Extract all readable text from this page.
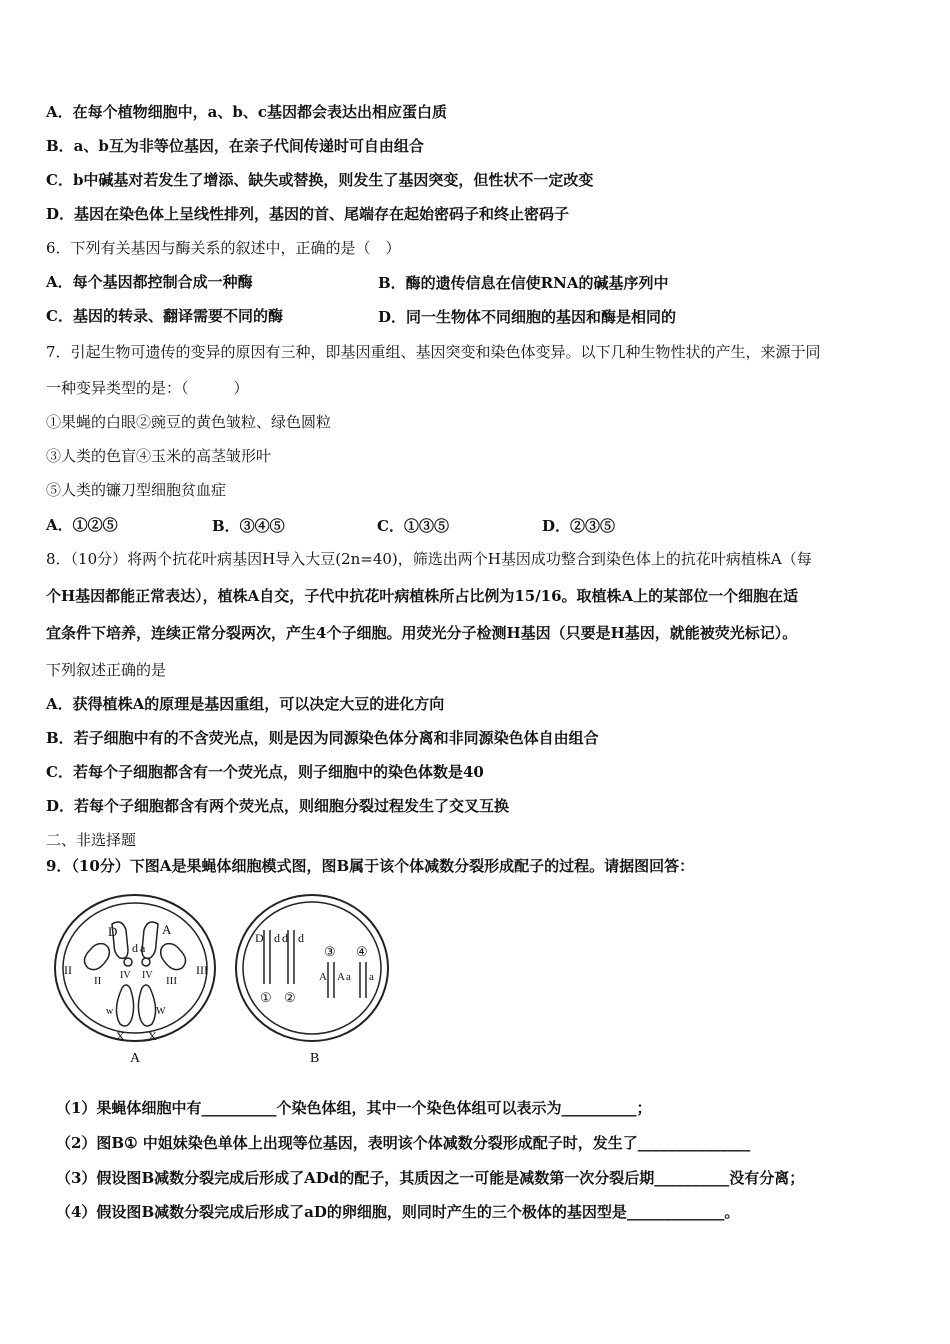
A．在每个植物细胞中，a、b、c基因都会表达出相应蛋白质
B．a、b互为非等位基因，在亲子代间传递时可自由组合
C．b中碱基对若发生了增添、缺失或替换，则发生了基因突变，但性状不一定改变
D．基因在染色体上呈线性排列，基因的首、尾端存在起始密码子和终止密码子
6．下列有关基因与酶关系的叙述中，正确的是（　）
A．每个基因都控制合成一种酶	B．酶的遗传信息在信使RNA的碱基序列中
C．基因的转录、翻译需要不同的酶	D．同一生物体不同细胞的基因和酶是相同的
7．引起生物可遗传的变异的原因有三种，即基因重组、基因突变和染色体变异。以下几种生物性状的产生，来源于同
一种变异类型的是：（　　　）
①果蝇的白眼②豌豆的黄色皱粒、绿色圆粒
③人类的色盲④玉米的高茎皱形叶
⑤人类的镰刀型细胞贫血症
A．①②⑤	B．③④⑤	C．①③⑤	D．②③⑤
8．（10分）将两个抗花叶病基因H导入大豆(2n=40)，筛选出两个H基因成功整合到染色体上的抗花叶病植株A（每
个H基因都能正常表达），植株A自交，子代中抗花叶病植株所占比例为15/16。取植株A上的某部位一个细胞在适
宜条件下培养，连续正常分裂两次，产生4个子细胞。用荧光分子检测H基因（只要是H基因，就能被荧光标记）。
下列叙述正确的是
A．获得植株A的原理是基因重组，可以决定大豆的进化方向
B．若子细胞中有的不含荧光点，则是因为同源染色体分离和非同源染色体自由组合
C．若每个子细胞都含有一个荧光点，则子细胞中的染色体数是40
D．若每个子细胞都含有两个荧光点，则细胞分裂过程发生了交叉互换
二、非选择题
9．（10分）下图A是果蝇体细胞模式图，图B属于该个体减数分裂形成配子的过程。请据图回答：
D
d a
A
II
II IV IV	III
III
w	W
X X
A
D d d d
① ②
③ ④
A A a a
B
（1）果蝇体细胞中有__________个染色体组，其中一个染色体组可以表示为__________；
（2）图B① 中姐妹染色单体上出现等位基因，表明该个体减数分裂形成配子时，发生了_______________
（3）假设图B减数分裂完成后形成了ADd的配子，其质因之一可能是减数第一次分裂后期__________没有分离；
（4）假设图B减数分裂完成后形成了aD的卵细胞，则同时产生的三个极体的基因型是_____________。
